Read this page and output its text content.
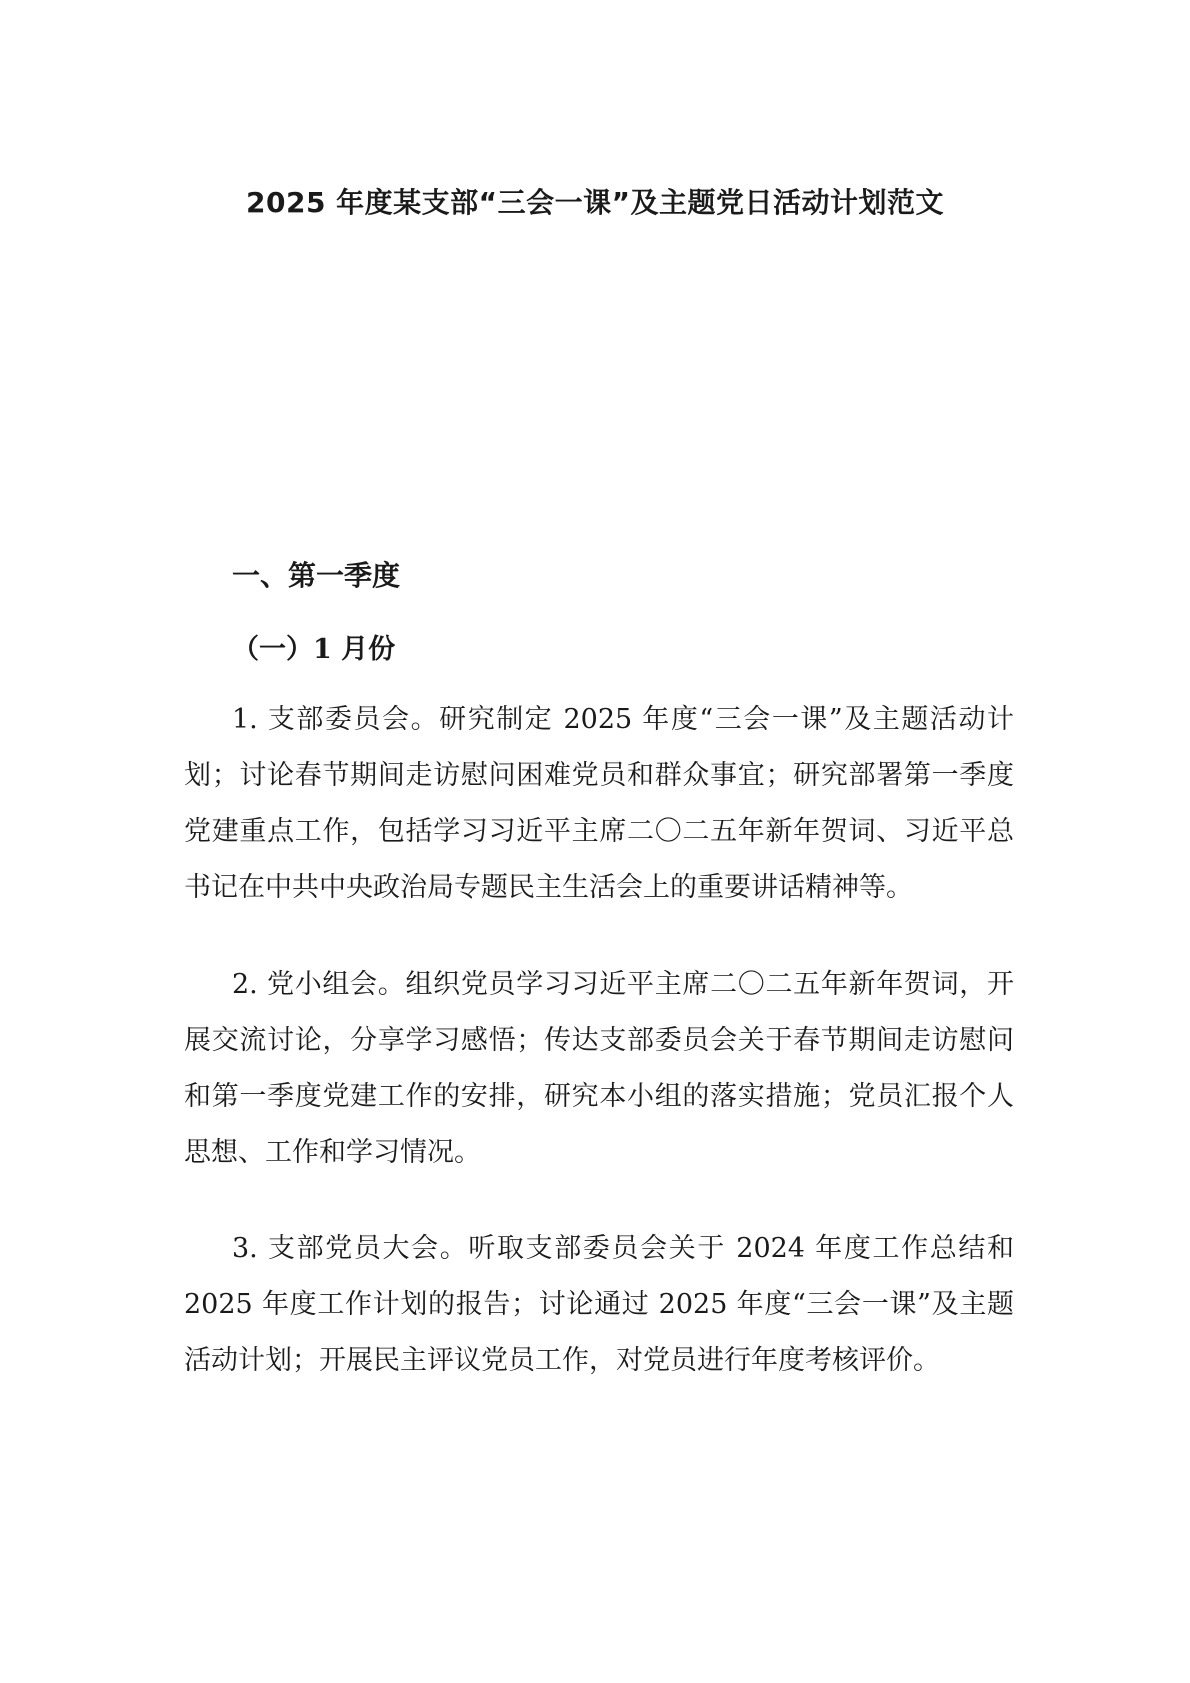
2025 年度某支部“三会一课”及主题党日活动计划范文
一、第一季度
（一）1 月份

1. 支部委员会。研究制定 2025 年度“三会一课”及主题活动计划；讨论春节期间走访慰问困难党员和群众事宜；研究部署第一季度党建重点工作，包括学习习近平主席二〇二五年新年贺词、习近平总书记在中共中央政治局专题民主生活会上的重要讲话精神等。

2. 党小组会。组织党员学习习近平主席二〇二五年新年贺词，开展交流讨论，分享学习感悟；传达支部委员会关于春节期间走访慰问和第一季度党建工作的安排，研究本小组的落实措施；党员汇报个人思想、工作和学习情况。

3. 支部党员大会。听取支部委员会关于 2024 年度工作总结和 2025 年度工作计划的报告；讨论通过 2025 年度“三会一课”及主题活动计划；开展民主评议党员工作，对党员进行年度考核评价。
